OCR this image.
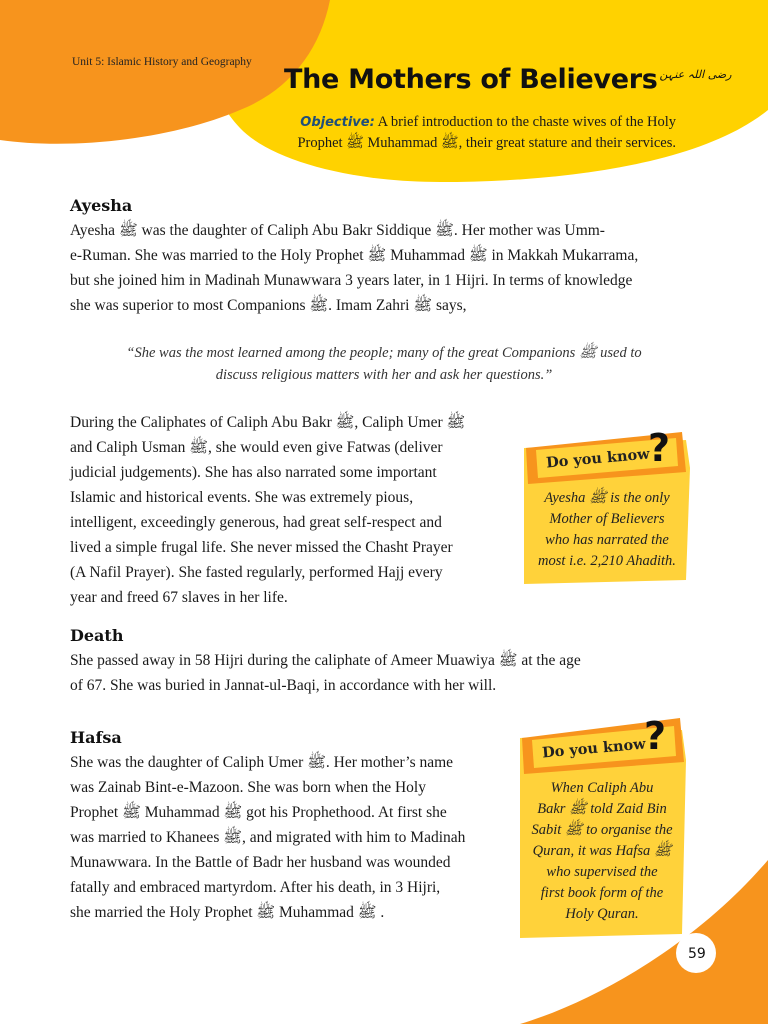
Unit 5: Islamic History and Geography
The Mothers of Believers $^{رضی اللہ عنہن}$
Objective: A brief introduction to the chaste wives of the Holy
Prophet ﷺ Muhammad ﷺ, their great stature and their services.
Ayesha
Ayesha ﷺ was the daughter of Caliph Abu Bakr Siddique ﷺ. Her mother was Umm-
e-Ruman. She was married to the Holy Prophet ﷺ Muhammad ﷺ in Makkah Mukarrama,
but she joined him in Madinah Munawwara 3 years later, in 1 Hijri. In terms of knowledge
she was superior to most Companions ﷺ. Imam Zahri ﷺ says,
“She was the most learned among the people; many of the great Companions ﷺ used to
discuss religious matters with her and ask her questions.”
During the Caliphates of Caliph Abu Bakr ﷺ, Caliph Umer ﷺ
and Caliph Usman ﷺ, she would even give Fatwas (deliver
judicial judgements). She has also narrated some important
Islamic and historical events. She was extremely pious,
intelligent, exceedingly generous, had great self-respect and
lived a simple frugal life. She never missed the Chasht Prayer
(A Nafil Prayer). She fasted regularly, performed Hajj every
year and freed 67 slaves in her life.
Do you know
?
Ayesha ﷺ is the only
Mother of Believers
who has narrated the
most i.e. 2,210 Ahadith.
Death
She passed away in 58 Hijri during the caliphate of Ameer Muawiya ﷺ at the age
of 67. She was buried in Jannat-ul-Baqi, in accordance with her will.
Hafsa
She was the daughter of Caliph Umer ﷺ. Her mother’s name
was Zainab Bint-e-Mazoon. She was born when the Holy
Prophet ﷺ Muhammad ﷺ got his Prophethood. At first she
was married to Khanees ﷺ, and migrated with him to Madinah
Munawwara. In the Battle of Badr her husband was wounded
fatally and embraced martyrdom. After his death, in 3 Hijri,
she married the Holy Prophet ﷺ Muhammad ﷺ .
Do you know
?
When Caliph Abu
Bakr ﷺ told Zaid Bin
Sabit ﷺ to organise the
Quran, it was Hafsa ﷺ
who supervised the
first book form of the
Holy Quran.
59
